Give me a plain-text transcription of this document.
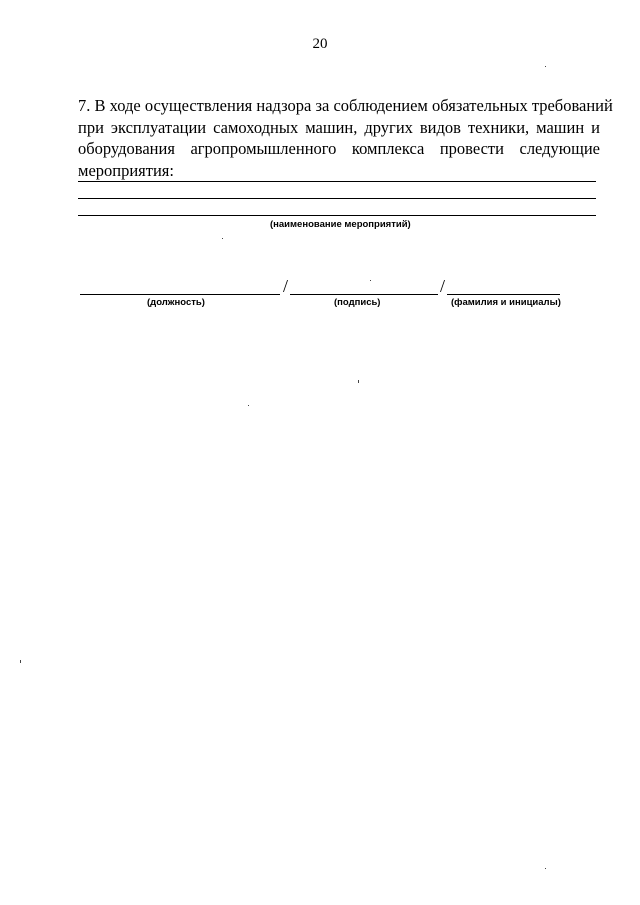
20
7. В ходе осуществления надзора за соблюдением обязательных требований
при эксплуатации самоходных машин, других видов техники, машин и
оборудования агропромышленного комплекса провести следующие
мероприятия:
(наименование мероприятий)
/	/
(должность)	(подпись)	(фамилия и инициалы)
